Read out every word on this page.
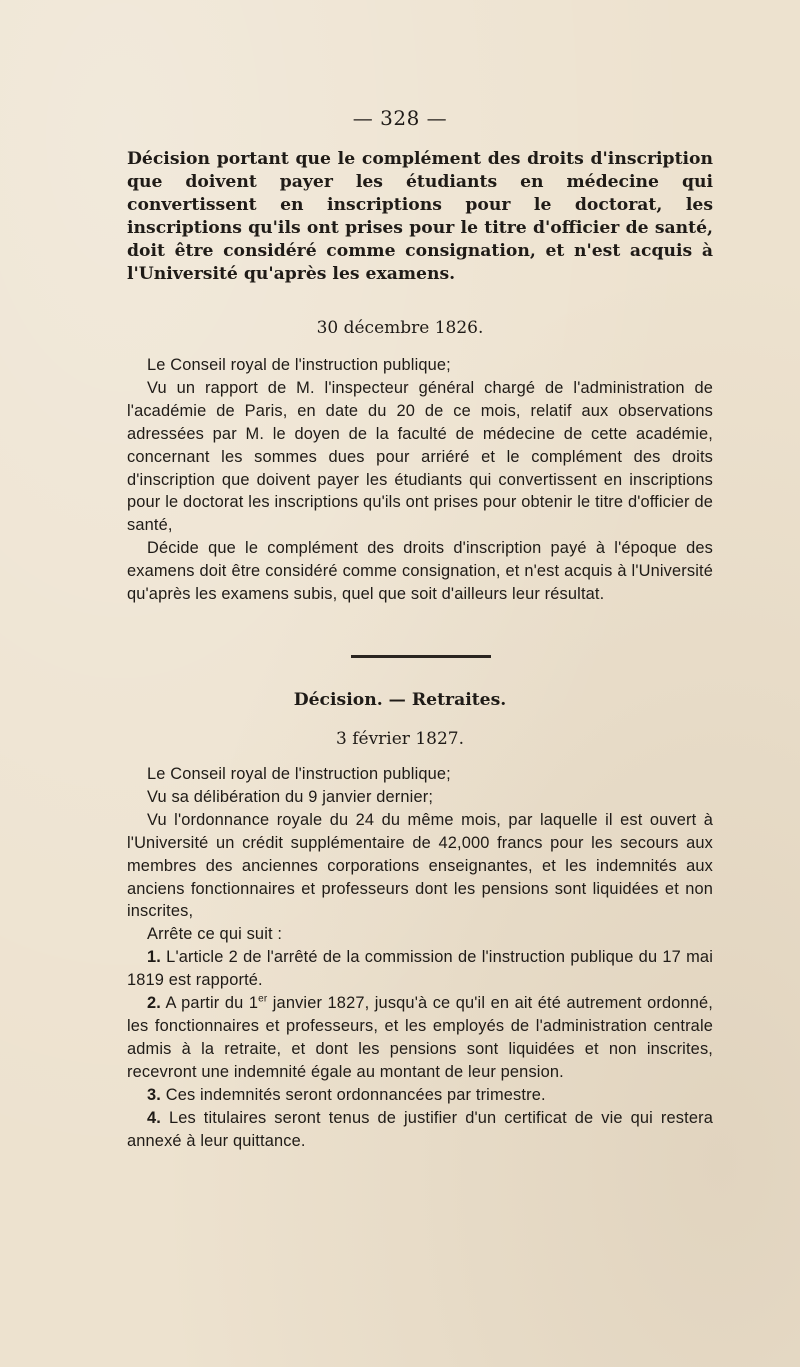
— 328 —

Décision portant que le complément des droits d'inscription que doivent payer les étudiants en médecine qui convertissent en inscriptions pour le doctorat, les inscriptions qu'ils ont prises pour le titre d'officier de santé, doit être considéré comme consignation, et n'est acquis à l'Université qu'après les examens.

30 décembre 1826.

Le Conseil royal de l'instruction publique;

Vu un rapport de M. l'inspecteur général chargé de l'administration de l'académie de Paris, en date du 20 de ce mois, relatif aux observations adressées par M. le doyen de la faculté de médecine de cette académie, concernant les sommes dues pour arriéré et le complément des droits d'inscription que doivent payer les étudiants qui convertissent en inscriptions pour le doctorat les inscriptions qu'ils ont prises pour obtenir le titre d'officier de santé,

Décide que le complément des droits d'inscription payé à l'époque des examens doit être considéré comme consignation, et n'est acquis à l'Université qu'après les examens subis, quel que soit d'ailleurs leur résultat.

Décision. — Retraites.
3 février 1827.

Le Conseil royal de l'instruction publique;

Vu sa délibération du 9 janvier dernier;

Vu l'ordonnance royale du 24 du même mois, par laquelle il est ouvert à l'Université un crédit supplémentaire de 42,000 francs pour les secours aux membres des anciennes corporations enseignantes, et les indemnités aux anciens fonctionnaires et professeurs dont les pensions sont liquidées et non inscrites,

Arrête ce qui suit :

1. L'article 2 de l'arrêté de la commission de l'instruction publique du 17 mai 1819 est rapporté.

2. A partir du 1er janvier 1827, jusqu'à ce qu'il en ait été autrement ordonné, les fonctionnaires et professeurs, et les employés de l'administration centrale admis à la retraite, et dont les pensions sont liquidées et non inscrites, recevront une indemnité égale au montant de leur pension.

3. Ces indemnités seront ordonnancées par trimestre.

4. Les titulaires seront tenus de justifier d'un certificat de vie qui restera annexé à leur quittance.
